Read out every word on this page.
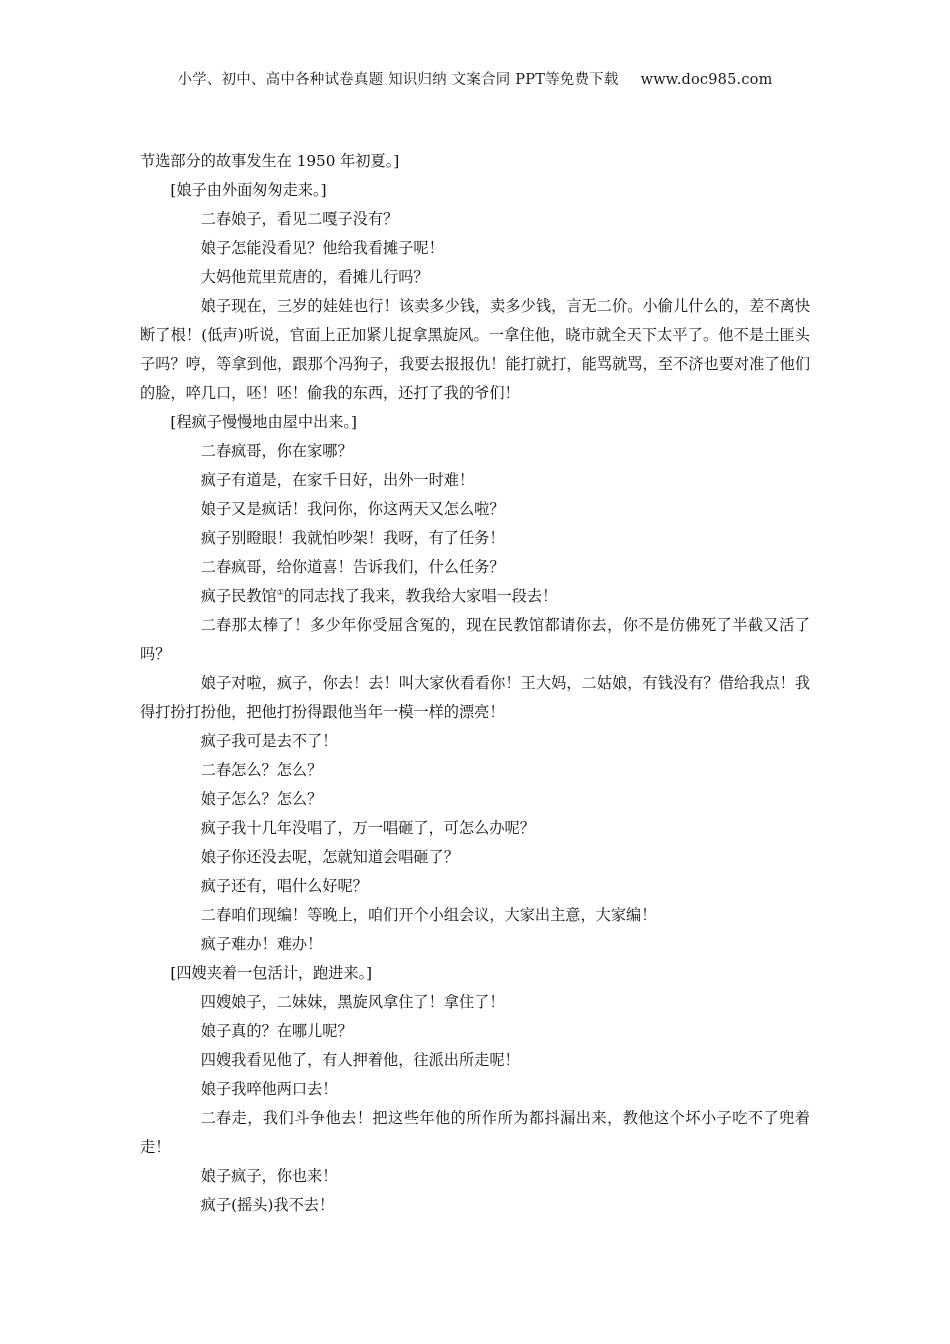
小学、初中、高中各种试卷真题 知识归纳 文案合同 PPT等免费下载 www.doc985.com

节选部分的故事发生在 1950 年初夏。]

[娘子由外面匆匆走来。]

二春娘子，看见二嘎子没有？

娘子怎能没看见？他给我看摊子呢！

大妈他荒里荒唐的，看摊儿行吗？

娘子现在，三岁的娃娃也行！该卖多少钱，卖多少钱，言无二价。小偷儿什么的，差不离快断了根！(低声)听说，官面上正加紧儿捉拿黑旋风。一拿住他，晓市就全天下太平了。他不是土匪头子吗？哼，等拿到他，跟那个冯狗子，我要去报报仇！能打就打，能骂就骂，至不济也要对准了他们的脸，啐几口，呸！呸！偷我的东西，还打了我的爷们！

[程疯子慢慢地由屋中出来。]

二春疯哥，你在家哪？

疯子有道是，在家千日好，出外一时难！

娘子又是疯话！我问你，你这两天又怎么啦？

疯子别瞪眼！我就怕吵架！我呀，有了任务！

二春疯哥，给你道喜！告诉我们，什么任务？

疯子民教馆①的同志找了我来，教我给大家唱一段去！

二春那太棒了！多少年你受屈含冤的，现在民教馆都请你去，你不是仿佛死了半截又活了吗？

娘子对啦，疯子，你去！去！叫大家伙看看你！王大妈，二姑娘，有钱没有？借给我点！我得打扮打扮他，把他打扮得跟他当年一模一样的漂亮！

疯子我可是去不了！

二春怎么？怎么？

娘子怎么？怎么？

疯子我十几年没唱了，万一唱砸了，可怎么办呢？

娘子你还没去呢，怎就知道会唱砸了？

疯子还有，唱什么好呢？

二春咱们现编！等晚上，咱们开个小组会议，大家出主意，大家编！

疯子难办！难办！

[四嫂夹着一包活计，跑进来。]

四嫂娘子，二妹妹，黑旋风拿住了！拿住了！

娘子真的？在哪儿呢？

四嫂我看见他了，有人押着他，往派出所走呢！

娘子我啐他两口去！

二春走，我们斗争他去！把这些年他的所作所为都抖漏出来，教他这个坏小子吃不了兜着走！

娘子疯子，你也来！

疯子(摇头)我不去！
